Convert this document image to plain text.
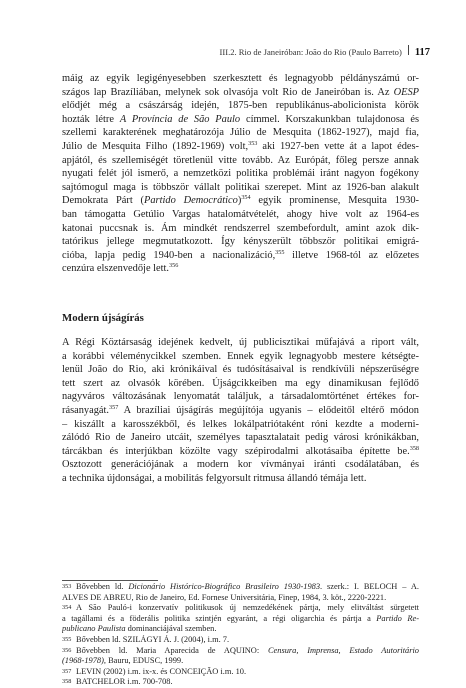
III.2. Rio de Janeiróban: João do Rio (Paulo Barreto) 117
máig az egyik legigényesebben szerkesztett és legnagyobb példányszámú or-
szágos lap Brazíliában, melynek sok olvasója volt Rio de Janeiróban is. Az OESP
elődjét még a császárság idején, 1875-ben republikánus-abolicionista körök
hozták létre A Província de São Paulo címmel. Korszakunkban tulajdonosa és
szellemi karakterének meghatározója Júlio de Mesquita (1862-1927), majd fia,
Júlio de Mesquita Filho (1892-1969) volt,$^{353}$ aki 1927-ben vette át a lapot édes-
apjától, és szellemiségét töretlenül vitte tovább. Az Európát, főleg persze annak
nyugati felét jól ismerő, a nemzetközi politika problémái iránt nagyon fogékony
sajtómogul maga is többször vállalt politikai szerepet. Mint az 1926-ban alakult
Demokrata Párt (Partido Democrático)$^{354}$ egyik prominense, Mesquita 1930-
ban támogatta Getúlio Vargas hatalomátvételét, ahogy hive volt az 1964-es
katonai puccsnak is. Ám mindkét rendszerrel szembefordult, amint azok dik-
tatórikus jellege megmutatkozott. Így kényszerült többször politikai emigrá-
cióba, lapja pedig 1940-ben a nacionalizáció,$^{355}$ illetve 1968-tól az előzetes
cenzúra elszenvedője lett.$^{356}$
Modern újságírás
A Régi Köztársaság idejének kedvelt, új publicisztikai műfajává a riport vált,
a korábbi véleménycikkel szemben. Ennek egyik legnagyobb mestere kétségte-
lenül João do Rio, aki krónikáival és tudósításaival is rendkívüli népszerűségre
tett szert az olvasók körében. Újságcikkeiben ma egy dinamikusan fejlődő
nagyváros változásának lenyomatát találjuk, a társadalomtörténet értékes for-
rásanyagát.$^{357}$ A brazíliai újságírás megújítója ugyanis – elődeitől eltérő módon
– kiszállt a karosszékből, és lelkes lokálpatriótaként róni kezdte a moderni-
zálódó Rio de Janeiro utcáit, személyes tapasztalatait pedig városi krónikákban,
tárcákban és interjúkban közölte vagy szépirodalmi alkotásaiba építette be.$^{358}$
Osztozott generációjának a modern kor vívmányai iránti csodálatában, és
a technika újdonságai, a mobilitás felgyorsult ritmusa állandó témája lett.
353 Bővebben ld. Dicionário Histórico-Biográfico Brasileiro 1930-1983. szerk.: I. BELOCH – A.
ALVES DE ABREU, Rio de Janeiro, Ed. Fornese Universitária, Finep, 1984, 3. köt., 2220-2221.
354 A São Pauló-i konzervatív politikusok új nemzedékének pártja, mely elitváltást sürgetett
a tagállami és a föderális politika szintjén egyaránt, a régi oligarchia és pártja a Partido Re-
publicano Paulista dominanciájával szemben.
355 Bővebben ld. SZILÁGYI Á. J. (2004), i.m. 7.
356 Bővebben ld. Maria Aparecida de AQUINO: Censura, Imprensa, Estado Autoritário
(1968-1978), Bauru, EDUSC, 1999.
357 LEVIN (2002) i.m. ix-x. és CONCEIÇÃO i.m. 10.
358 BATCHELOR i.m. 700-708.
